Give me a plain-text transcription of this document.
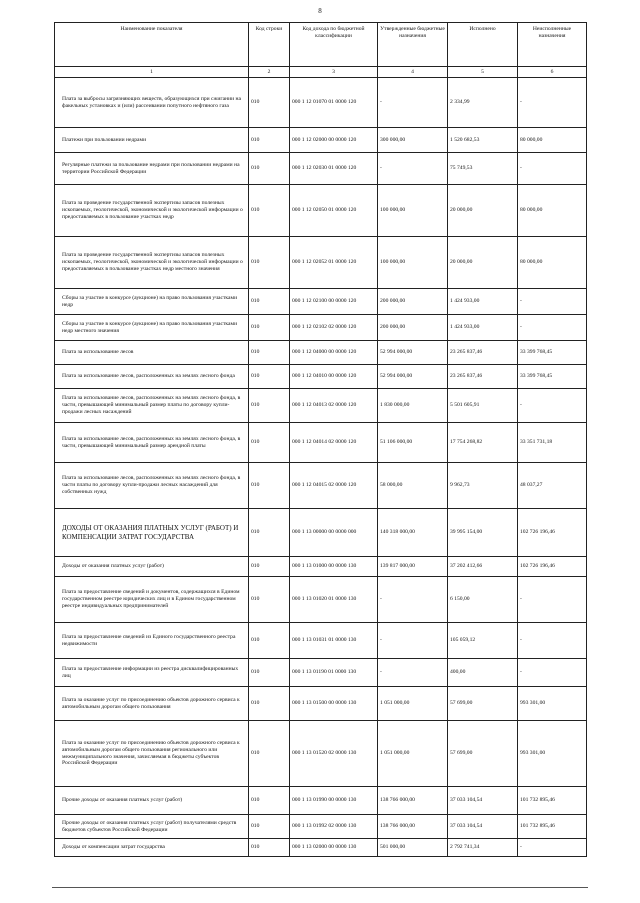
8
Наименование показателя	Код строки	Код дохода по бюджетной классификации	Утвержденные бюджетные назначения	Исполнено	Неисполненные назначения
1	2	3	4	5	6
Плата за выбросы загрязняющих веществ, образующихся при сжигании на факельных установках и (или) рассеивании попутного нефтяного газа	010	000 1 12 01070 01 0000 120	-	2 334,99	-
Платежи при пользовании недрами	010	000 1 12 02000 00 0000 120	300 000,00	1 520 682,53	80 000,00
Регулярные платежи за пользование недрами при пользовании недрами на территории Российской Федерации	010	000 1 12 02030 01 0000 120	-	75 749,53	-
Плата за проведение государственной экспертизы запасов полезных ископаемых, геологической, экономической и экологической информации о предоставляемых в пользование участках недр	010	000 1 12 02050 01 0000 120	100 000,00	20 000,00	80 000,00
Плата за проведение государственной экспертизы запасов полезных ископаемых, геологической, экономической и экологической информации о предоставляемых в пользование участках недр местного значения	010	000 1 12 02052 01 0000 120	100 000,00	20 000,00	80 000,00
Сборы за участие в конкурсе (аукционе) на право пользования участками недр	010	000 1 12 02100 00 0000 120	200 000,00	1 424 933,00	-
Сборы за участие в конкурсе (аукционе) на право пользования участками недр местного значения	010	000 1 12 02102 02 0000 120	200 000,00	1 424 933,00	-
Плата за использование лесов	010	000 1 12 04000 00 0000 120	52 994 000,00	23 265 837,46	33 399 768,45
Плата за использование лесов, расположенных на землях лесного фонда	010	000 1 12 04010 00 0000 120	52 994 000,00	23 265 837,46	33 399 768,45
Плата за использование лесов, расположенных на землях лесного фонда, в части, превышающей минимальный размер платы по договору купли-продажи лесных насаждений	010	000 1 12 04013 02 0000 120	1 830 000,00	5 501 605,91	-
Плата за использование лесов, расположенных на землях лесного фонда, в части, превышающей минимальный размер арендной платы	010	000 1 12 04014 02 0000 120	51 106 000,00	17 754 268,82	33 351 731,18
Плата за использование лесов, расположенных на землях лесного фонда, в части платы по договору купли-продажи лесных насаждений для собственных нужд	010	000 1 12 04015 02 0000 120	58 000,00	9 962,73	48 037,27
ДОХОДЫ ОТ ОКАЗАНИЯ ПЛАТНЫХ УСЛУГ (РАБОТ) И КОМПЕНСАЦИИ ЗАТРАТ ГОСУДАРСТВА	010	000 1 13 00000 00 0000 000	140 318 000,00	39 995 154,00	102 726 196,46
Доходы от оказания платных услуг (работ)	010	000 1 13 01000 00 0000 130	139 817 000,00	37 202 412,66	102 726 196,46
Плата за предоставление сведений и документов, содержащихся в Едином государственном реестре юридических лиц и в Едином государственном реестре индивидуальных предпринимателей	010	000 1 13 01020 01 0000 130	-	6 150,00	-
Плата за предоставление сведений из Единого государственного реестра недвижимости	010	000 1 13 01031 01 0000 130	-	105 059,12	-
Плата за предоставление информации из реестра дисквалифицированных лиц	010	000 1 13 01190 01 0000 130	-	400,00	-
Плата за оказание услуг по присоединению объектов дорожного сервиса к автомобильным дорогам общего пользования	010	000 1 13 01500 00 0000 130	1 051 000,00	57 699,00	993 301,00
Плата за оказание услуг по присоединению объектов дорожного сервиса к автомобильным дорогам общего пользования регионального или межмуниципального значения, зачисляемая в бюджеты субъектов Российской Федерации	010	000 1 13 01520 02 0000 130	1 051 000,00	57 699,00	993 301,00
Прочие доходы от оказания платных услуг (работ)	010	000 1 13 01990 00 0000 130	138 766 000,00	37 033 104,54	101 732 895,46
Прочие доходы от оказания платных услуг (работ) получателями средств бюджетов субъектов Российской Федерации	010	000 1 13 01992 02 0000 130	138 766 000,00	37 033 104,54	101 732 895,46
Доходы от компенсации затрат государства	010	000 1 13 02000 00 0000 130	501 000,00	2 792 741,34	-
